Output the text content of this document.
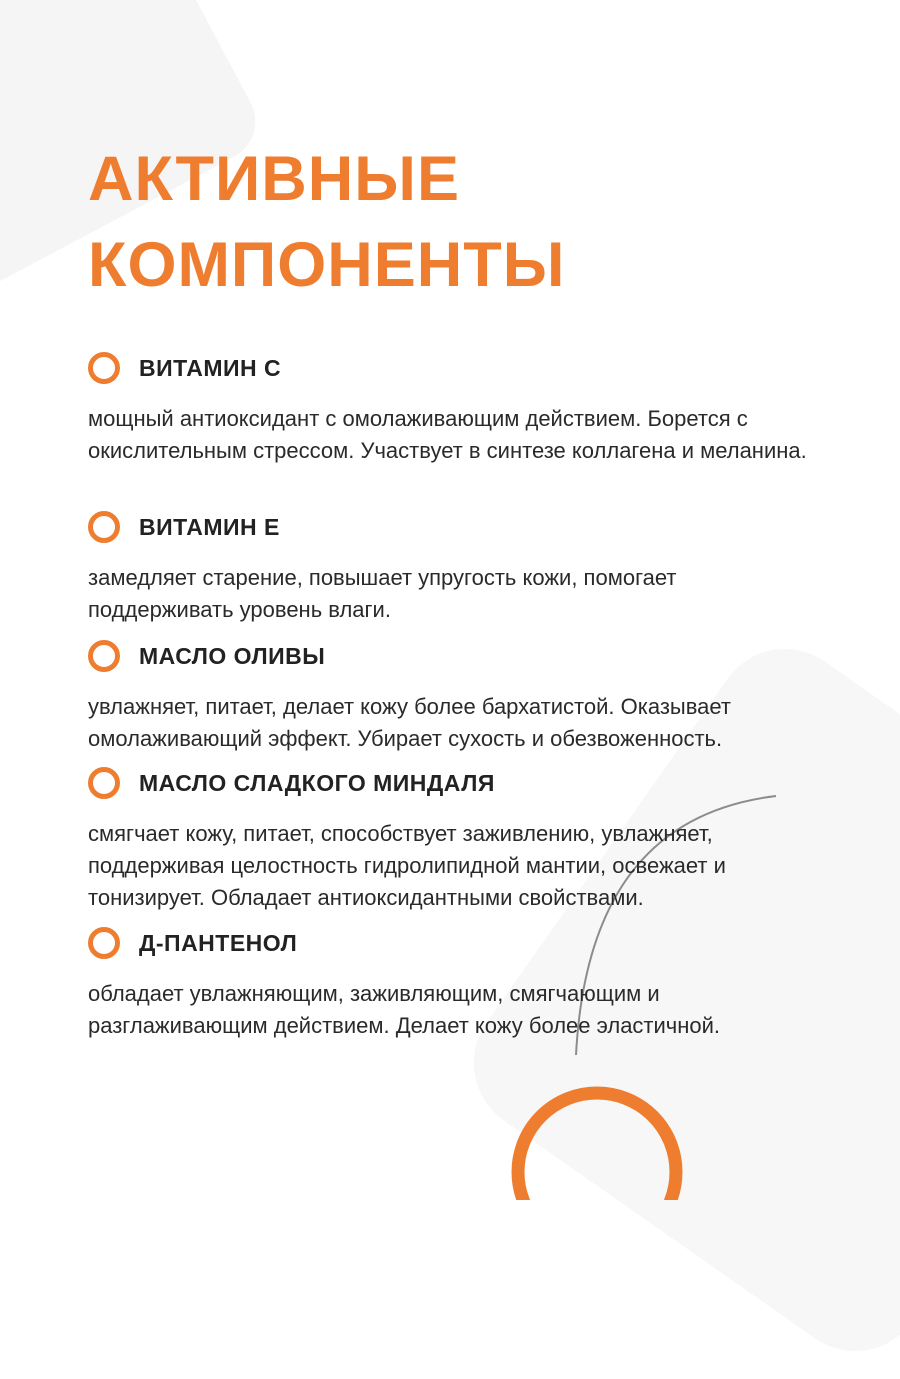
АКТИВНЫЕ
КОМПОНЕНТЫ
ВИТАМИН С

мощный антиоксидант с омолаживающим действием. Борется с окислительным стрессом. Участвует в синтезе коллагена и меланина.

ВИТАМИН Е

замедляет старение, повышает упругость кожи, помогает поддерживать уровень влаги.

МАСЛО ОЛИВЫ

увлажняет, питает, делает кожу более бархатистой. Оказывает омолаживающий эффект. Убирает сухость и обезвоженность.

МАСЛО СЛАДКОГО МИНДАЛЯ

смягчает кожу, питает, способствует заживлению, увлажняет, поддерживая целостность гидролипидной мантии, освежает и тонизирует. Обладает антиоксидантными свойствами.

Д-ПАНТЕНОЛ

обладает увлажняющим, заживляющим, смягчающим и разглаживающим действием. Делает кожу более эластичной.
